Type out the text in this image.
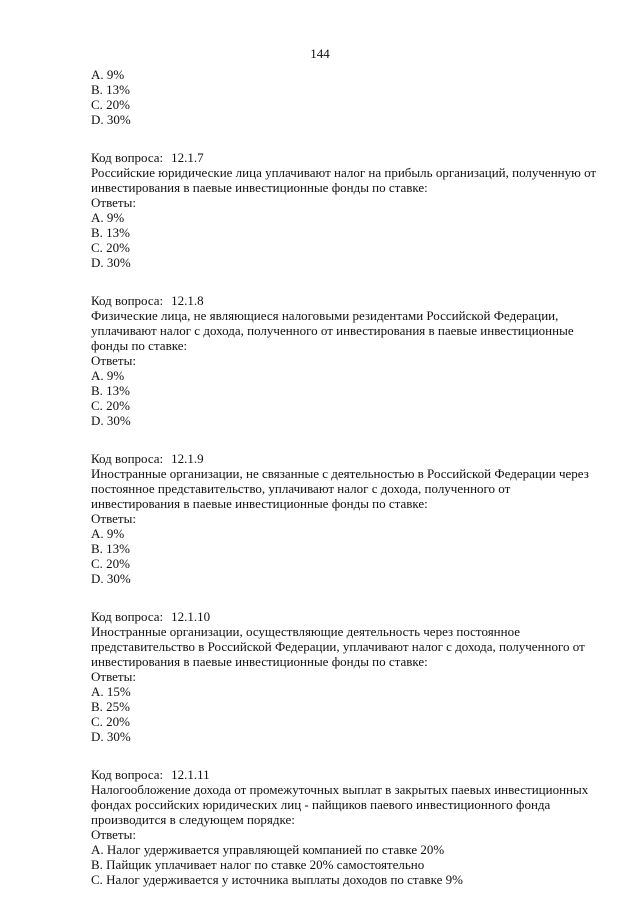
144
A. 9%
B. 13%
C. 20%
D. 30%
Код вопроса: 12.1.7
Российские юридические лица уплачивают налог на прибыль организаций, полученную от
инвестирования в паевые инвестиционные фонды по ставке:
Ответы:
A. 9%
B. 13%
C. 20%
D. 30%
Код вопроса: 12.1.8
Физические лица, не являющиеся налоговыми резидентами Российской Федерации,
уплачивают налог с дохода, полученного от инвестирования в паевые инвестиционные
фонды по ставке:
Ответы:
A. 9%
B. 13%
C. 20%
D. 30%
Код вопроса: 12.1.9
Иностранные организации, не связанные с деятельностью в Российской Федерации через
постоянное представительство, уплачивают налог с дохода, полученного от
инвестирования в паевые инвестиционные фонды по ставке:
Ответы:
A. 9%
B. 13%
C. 20%
D. 30%
Код вопроса: 12.1.10
Иностранные организации, осуществляющие деятельность через постоянное
представительство в Российской Федерации, уплачивают налог с дохода, полученного от
инвестирования в паевые инвестиционные фонды по ставке:
Ответы:
A. 15%
B. 25%
C. 20%
D. 30%
Код вопроса: 12.1.11
Налогообложение дохода от промежуточных выплат в закрытых паевых инвестиционных
фондах российских юридических лиц - пайщиков паевого инвестиционного фонда
производится в следующем порядке:
Ответы:
A. Налог удерживается управляющей компанией по ставке 20%
B. Пайщик уплачивает налог по ставке 20% самостоятельно
C. Налог удерживается у источника выплаты доходов по ставке 9%
